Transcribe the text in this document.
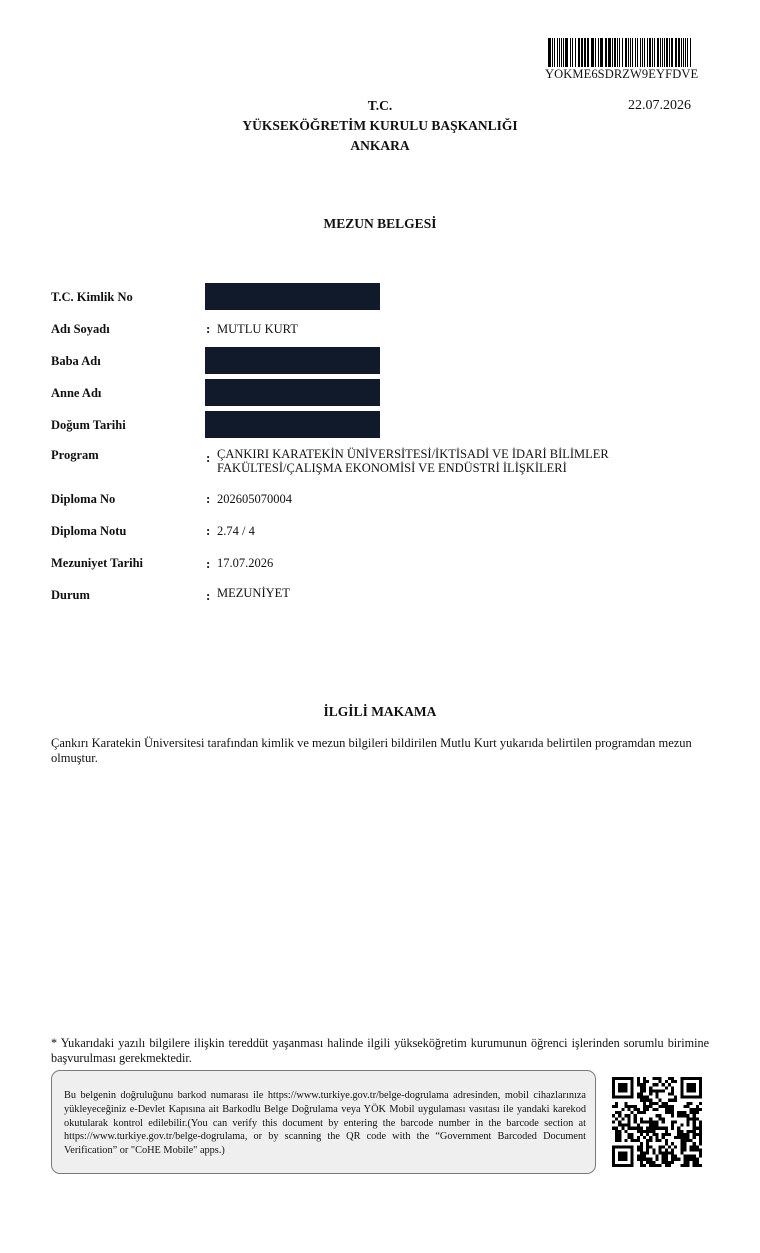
YOKME6SDRZW9EYFDVE
22.07.2026
T.C.
YÜKSEKÖĞRETİM KURULU BAŞKANLIĞI
ANKARA
MEZUN BELGESİ
T.C. Kimlik No
Adı Soyadı	: MUTLU KURT
Baba Adı
Anne Adı
Doğum Tarihi
Program	: ÇANKIRI KARATEKİN ÜNİVERSİTESİ/İKTİSADİ VE İDARİ BİLİMLER
FAKÜLTESİ/ÇALIŞMA EKONOMİSİ VE ENDÜSTRİ İLİŞKİLERİ
Diploma No	: 202605070004
Diploma Notu	: 2.74 / 4
Mezuniyet Tarihi	: 17.07.2026
Durum	: MEZUNİYET
İLGİLİ MAKAMA
Çankırı Karatekin Üniversitesi tarafından kimlik ve mezun bilgileri bildirilen Mutlu Kurt yukarıda belirtilen programdan mezun olmuştur.
* Yukarıdaki yazılı bilgilere ilişkin tereddüt yaşanması halinde ilgili yükseköğretim kurumunun öğrenci işlerinden sorumlu birimine başvurulması gerekmektedir.
Bu belgenin doğruluğunu barkod numarası ile https://www.turkiye.gov.tr/belge-dogrulama adresinden, mobil cihazlarınıza yükleyeceğiniz e-Devlet Kapısına ait Barkodlu Belge Doğrulama veya YÖK Mobil uygulaması vasıtası ile yandaki karekod okutularak kontrol edilebilir.(You can verify this document by entering the barcode number in the barcode section at https://www.turkiye.gov.tr/belge-dogrulama, or by scanning the QR code with the “Government Barcoded Document Verification” or "CoHE Mobile" apps.)
